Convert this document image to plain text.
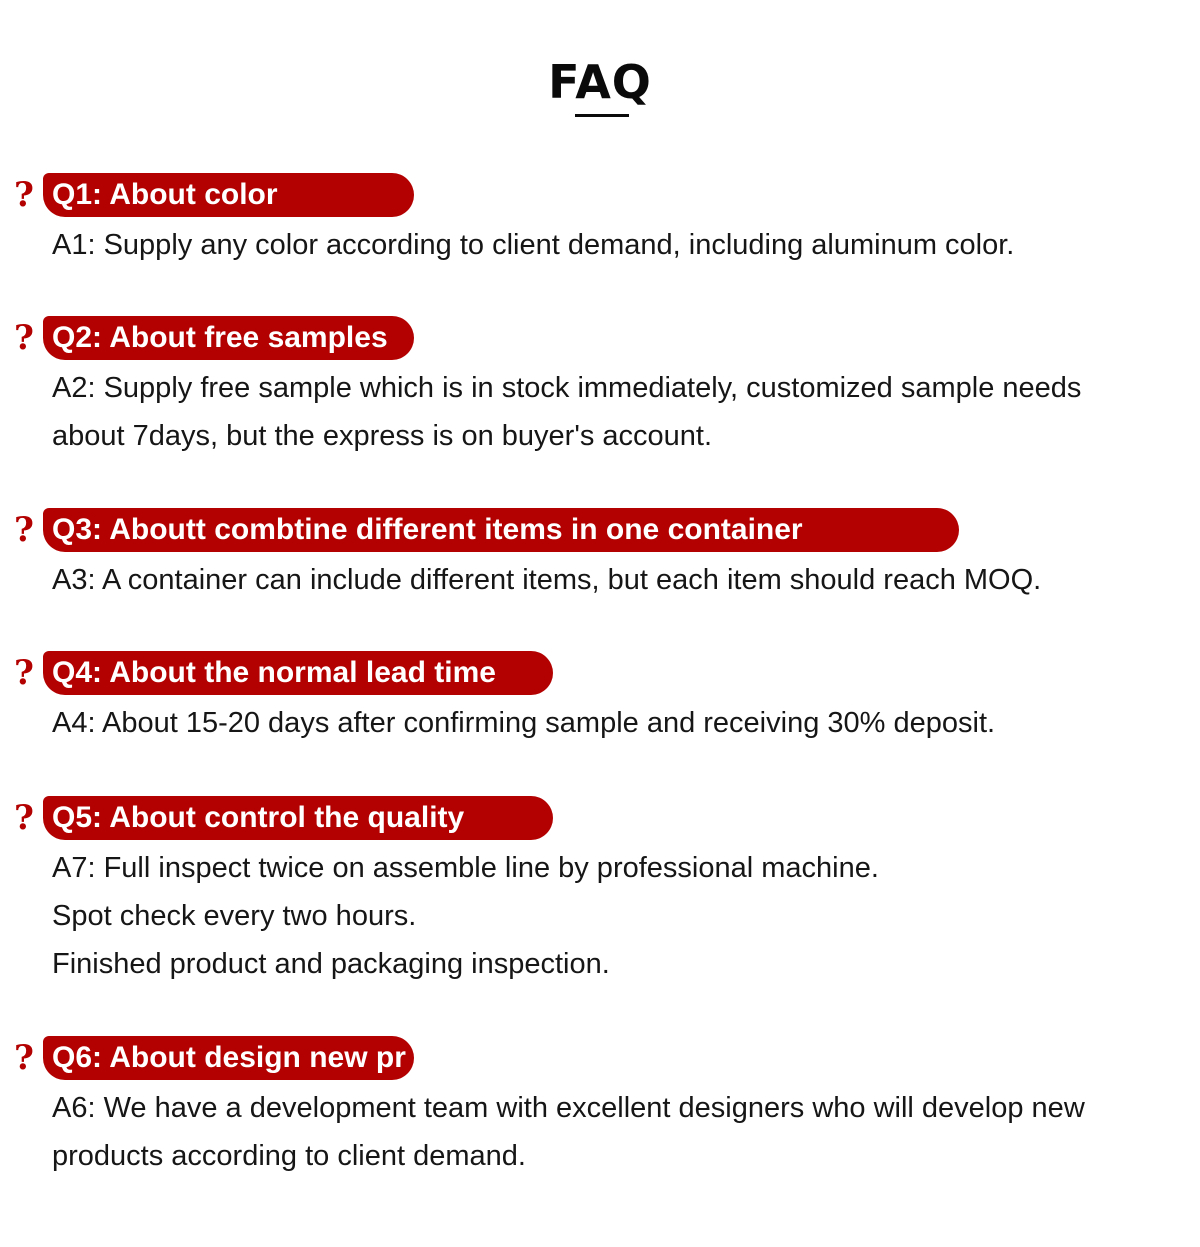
FAQ
? Q1: About color
A1: Supply any color according to client demand, including aluminum color.
? Q2: About free samples
A2: Supply free sample which is in stock immediately, customized sample needs
about 7days, but the express is on buyer's account.
? Q3: Aboutt combtine different items in one container
A3: A container can include different items, but each item should reach MOQ.
? Q4: About the normal lead time
A4: About 15-20 days after confirming sample and receiving 30% deposit.
? Q5: About control the quality
A7: Full inspect twice on assemble line by professional machine.
Spot check every two hours.
Finished product and packaging inspection.
? Q6: About design new pr
A6: We have a development team with excellent designers who will develop new
products according to client demand.
